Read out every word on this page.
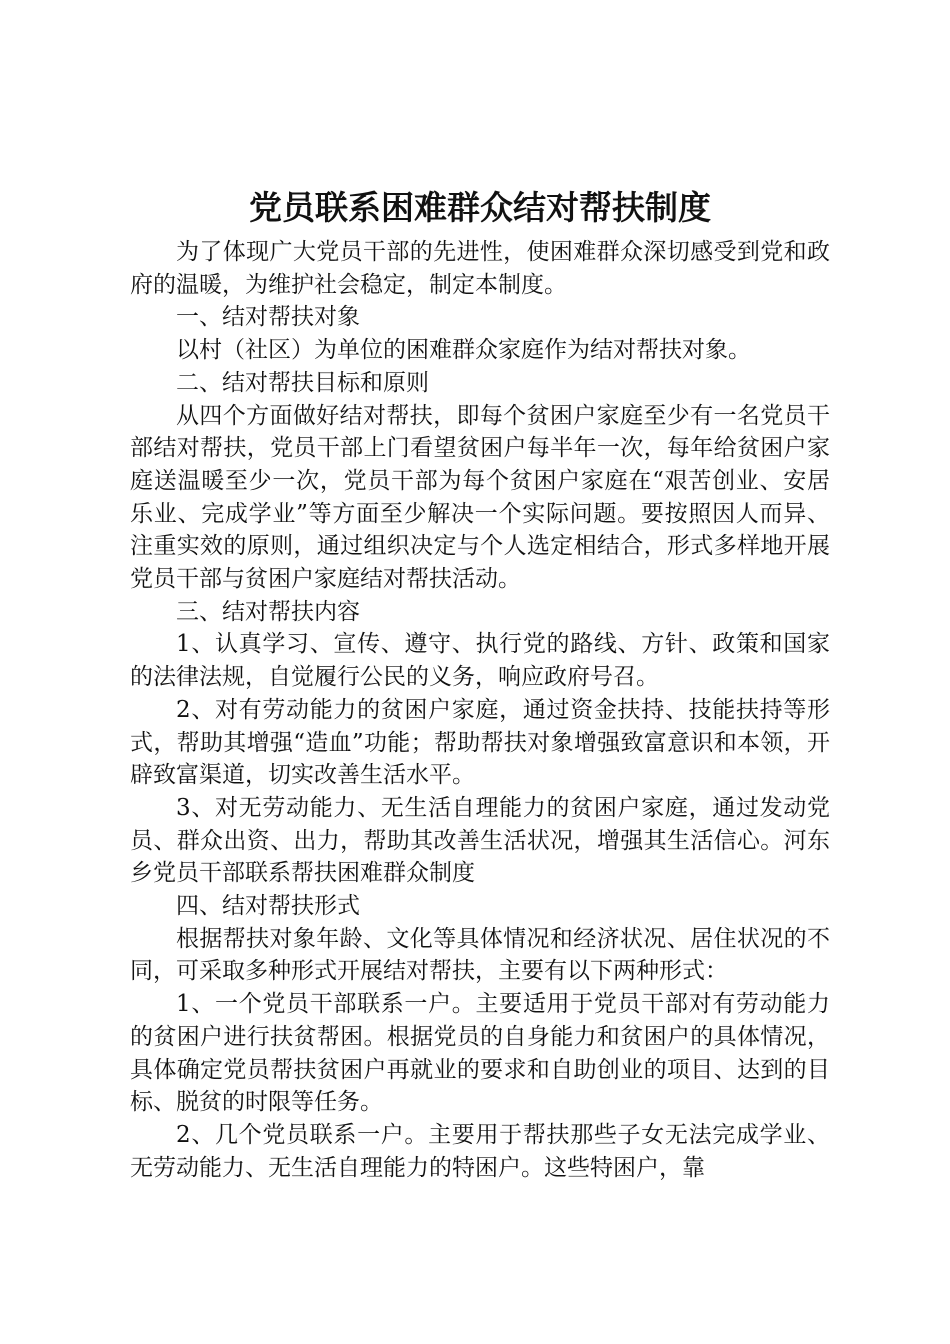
党员联系困难群众结对帮扶制度

为了体现广大党员干部的先进性，使困难群众深切感受到党和政府的温暖，为维护社会稳定，制定本制度。

一、结对帮扶对象

以村（社区）为单位的困难群众家庭作为结对帮扶对象。

二、结对帮扶目标和原则

从四个方面做好结对帮扶，即每个贫困户家庭至少有一名党员干部结对帮扶，党员干部上门看望贫困户每半年一次，每年给贫困户家庭送温暖至少一次，党员干部为每个贫困户家庭在“艰苦创业、安居乐业、完成学业”等方面至少解决一个实际问题。要按照因人而异、注重实效的原则，通过组织决定与个人选定相结合，形式多样地开展党员干部与贫困户家庭结对帮扶活动。

三、结对帮扶内容

1、认真学习、宣传、遵守、执行党的路线、方针、政策和国家的法律法规，自觉履行公民的义务，响应政府号召。

2、对有劳动能力的贫困户家庭，通过资金扶持、技能扶持等形式，帮助其增强“造血”功能；帮助帮扶对象增强致富意识和本领，开辟致富渠道，切实改善生活水平。

3、对无劳动能力、无生活自理能力的贫困户家庭，通过发动党员、群众出资、出力，帮助其改善生活状况，增强其生活信心。河东乡党员干部联系帮扶困难群众制度

四、结对帮扶形式

根据帮扶对象年龄、文化等具体情况和经济状况、居住状况的不同，可采取多种形式开展结对帮扶，主要有以下两种形式：

1、一个党员干部联系一户。主要适用于党员干部对有劳动能力的贫困户进行扶贫帮困。根据党员的自身能力和贫困户的具体情况，具体确定党员帮扶贫困户再就业的要求和自助创业的项目、达到的目标、脱贫的时限等任务。

2、几个党员联系一户。主要用于帮扶那些子女无法完成学业、无劳动能力、无生活自理能力的特困户。这些特困户，靠
